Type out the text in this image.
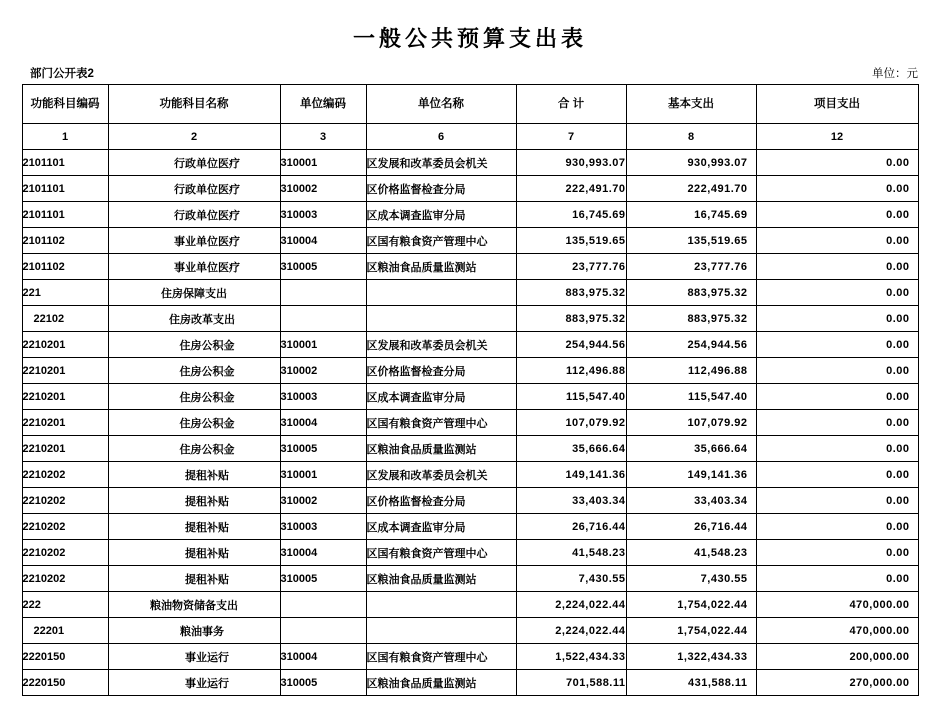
一般公共预算支出表
部门公开表2	单位：元
功能科目编码	功能科目名称	单位编码	单位名称	合 计	基本支出	项目支出
1	2	3	6	7	8	12
2101101	行政单位医疗	310001	区发展和改革委员会机关	930,993.07	930,993.07	0.00
2101101	行政单位医疗	310002	区价格监督检查分局	222,491.70	222,491.70	0.00
2101101	行政单位医疗	310003	区成本调查监审分局	16,745.69	16,745.69	0.00
2101102	事业单位医疗	310004	区国有粮食资产管理中心	135,519.65	135,519.65	0.00
2101102	事业单位医疗	310005	区粮油食品质量监测站	23,777.76	23,777.76	0.00
221	住房保障支出			883,975.32	883,975.32	0.00
22102	住房改革支出			883,975.32	883,975.32	0.00
2210201	住房公积金	310001	区发展和改革委员会机关	254,944.56	254,944.56	0.00
2210201	住房公积金	310002	区价格监督检查分局	112,496.88	112,496.88	0.00
2210201	住房公积金	310003	区成本调查监审分局	115,547.40	115,547.40	0.00
2210201	住房公积金	310004	区国有粮食资产管理中心	107,079.92	107,079.92	0.00
2210201	住房公积金	310005	区粮油食品质量监测站	35,666.64	35,666.64	0.00
2210202	提租补贴	310001	区发展和改革委员会机关	149,141.36	149,141.36	0.00
2210202	提租补贴	310002	区价格监督检查分局	33,403.34	33,403.34	0.00
2210202	提租补贴	310003	区成本调查监审分局	26,716.44	26,716.44	0.00
2210202	提租补贴	310004	区国有粮食资产管理中心	41,548.23	41,548.23	0.00
2210202	提租补贴	310005	区粮油食品质量监测站	7,430.55	7,430.55	0.00
222	粮油物资储备支出			2,224,022.44	1,754,022.44	470,000.00
22201	粮油事务			2,224,022.44	1,754,022.44	470,000.00
2220150	事业运行	310004	区国有粮食资产管理中心	1,522,434.33	1,322,434.33	200,000.00
2220150	事业运行	310005	区粮油食品质量监测站	701,588.11	431,588.11	270,000.00
